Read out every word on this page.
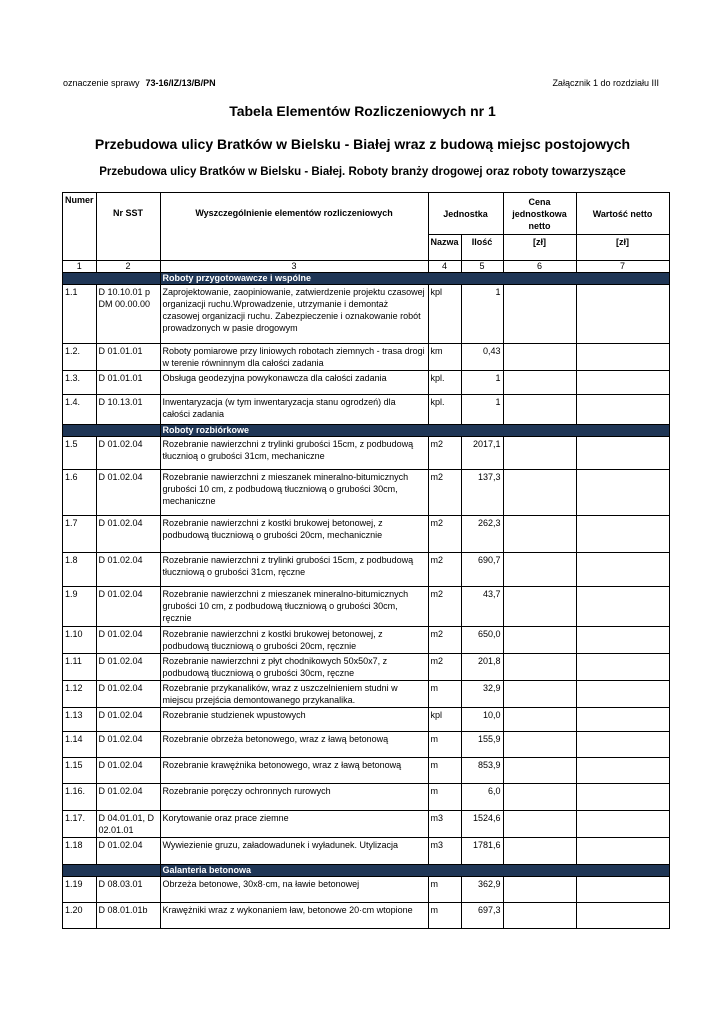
oznaczenie sprawy 73-16/IZ/13/B/PN	Załącznik 1 do rozdziału III
Tabela Elementów Rozliczeniowych nr 1
Przebudowa ulicy Bratków w Bielsku - Białej wraz z budową miejsc postojowych
Przebudowa ulicy Bratków w Bielsku - Białej. Roboty branży drogowej oraz roboty towarzyszące
Numer	Nr SST	Wyszczególnienie elementów rozliczeniowych	Jednostka		Cena jednostkowa netto	Wartość netto
			Nazwa	Ilość	[zł]	[zł]
1	2	3	4	5	6	7
		Roboty przygotowawcze i wspólne				
1.1	D 10.10.01 p DM 00.00.00	Zaprojektowanie, zaopiniowanie, zatwierdzenie projektu czasowej organizacji ruchu.Wprowadzenie, utrzymanie i demontaż czasowej organizacji ruchu. Zabezpieczenie i oznakowanie robót prowadzonych w pasie drogowym	kpl	1		
1.2.	D 01.01.01	Roboty pomiarowe przy liniowych robotach ziemnych - trasa drogi w terenie równinnym dla całości zadania	km	0,43		
1.3.	D 01.01.01	Obsługa geodezyjna powykonawcza dla całości zadania	kpl.	1		
1.4.	D 10.13.01	Inwentaryzacja (w tym inwentaryzacja stanu ogrodzeń) dla całości zadania	kpl.	1		
		Roboty rozbiórkowe				
1.5	D 01.02.04	Rozebranie nawierzchni z trylinki grubości 15cm, z podbudową tłucznioą o grubości 31cm, mechaniczne	m2	2017,1		
1.6	D 01.02.04	Rozebranie nawierzchni z mieszanek mineralno-bitumicznych grubości 10 cm, z podbudową tłuczniową o grubości 30cm, mechaniczne	m2	137,3		
1.7	D 01.02.04	Rozebranie nawierzchni z kostki brukowej betonowej, z podbudową tłuczniową o grubości 20cm, mechanicznie	m2	262,3		
1.8	D 01.02.04	Rozebranie nawierzchni z trylinki grubości 15cm, z podbudową tłuczniową o grubości 31cm, ręczne	m2	690,7		
1.9	D 01.02.04	Rozebranie nawierzchni z mieszanek mineralno-bitumicznych grubości 10 cm, z podbudową tłuczniową o grubości 30cm, ręcznie	m2	43,7		
1.10	D 01.02.04	Rozebranie nawierzchni z kostki brukowej betonowej, z podbudową tłuczniową o grubości 20cm, ręcznie	m2	650,0		
1.11	D 01.02.04	Rozebranie nawierzchni z płyt chodnikowych 50x50x7, z podbudową tłuczniową o grubości 30cm, ręczne	m2	201,8		
1.12	D 01.02.04	Rozebranie przykanalików, wraz z uszczelnieniem studni w miejscu przejścia demontowanego przykanalika.	m	32,9		
1.13	D 01.02.04	Rozebranie studzienek wpustowych	kpl	10,0		
1.14	D 01.02.04	Rozebranie obrzeża betonowego, wraz z ławą betonową	m	155,9		
1.15	D 01.02.04	Rozebranie krawężnika betonowego, wraz z ławą betonową	m	853,9		
1.16.	D 01.02.04	Rozebranie poręczy ochronnych rurowych	m	6,0		
1.17.	D 04.01.01, D 02.01.01	Korytowanie oraz prace ziemne	m3	1524,6		
1.18	D 01.02.04	Wywiezienie gruzu, załadowadunek i wyładunek. Utylizacja	m3	1781,6		
		Galanteria betonowa				
1.19	D 08.03.01	Obrzeża betonowe, 30x8·cm, na ławie betonowej	m	362,9		
1.20	D 08.01.01b	Krawężniki wraz z wykonaniem ław, betonowe 20·cm wtopione	m	697,3		
